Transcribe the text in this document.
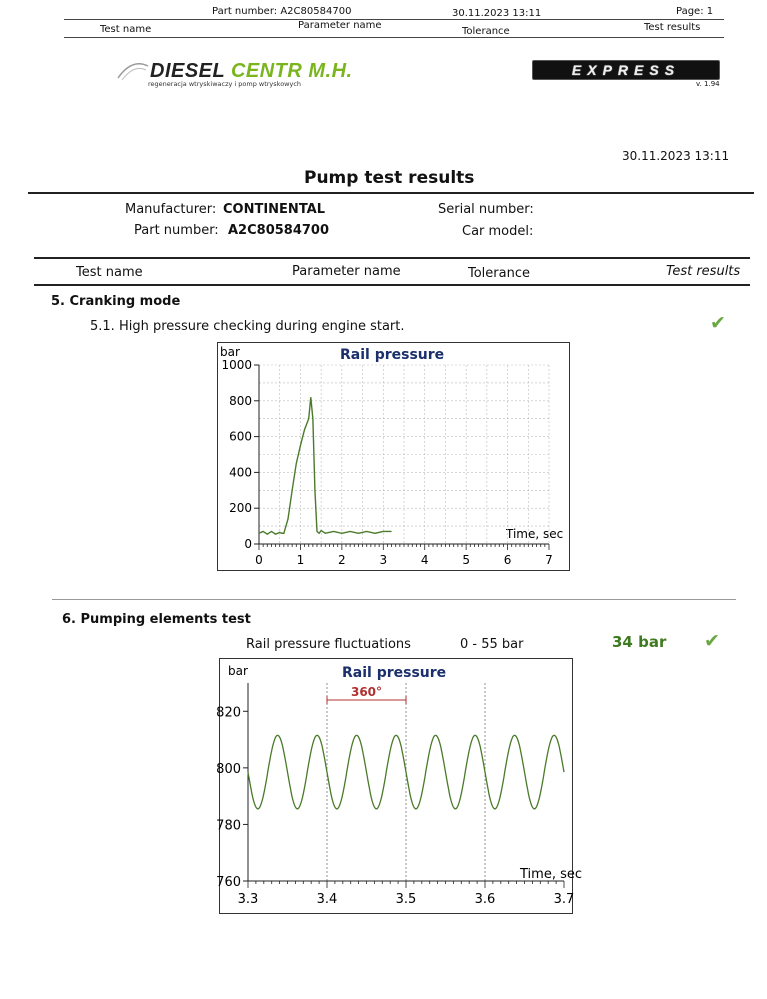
Part number: A2C80584700	30.11.2023 13:11	Page: 1
Test name	Parameter name
Tolerance	Test results
DIESEL CENTR M.H.
regeneracja wtryskiwaczy i pomp wtryskowych
EXPRESS
v. 1.94
30.11.2023 13:11
Pump test results
Manufacturer: CONTINENTAL
Part number: A2C80584700
Serial number:
Car model:
Test name	Parameter name	Tolerance	Test results
5. Cranking mode
5.1. High pressure checking during engine start.	✔
bar	Rail pressure
Time, sec
0
200
400
600
800
1000
0	1	2	3	4	5	6	7
6. Pumping elements test
Rail pressure fluctuations	0 - 55 bar	34 bar ✔
bar	Rail pressure
Time, sec
760
780
800
820
3.3	3.4	3.5	3.6	3.7
360°
